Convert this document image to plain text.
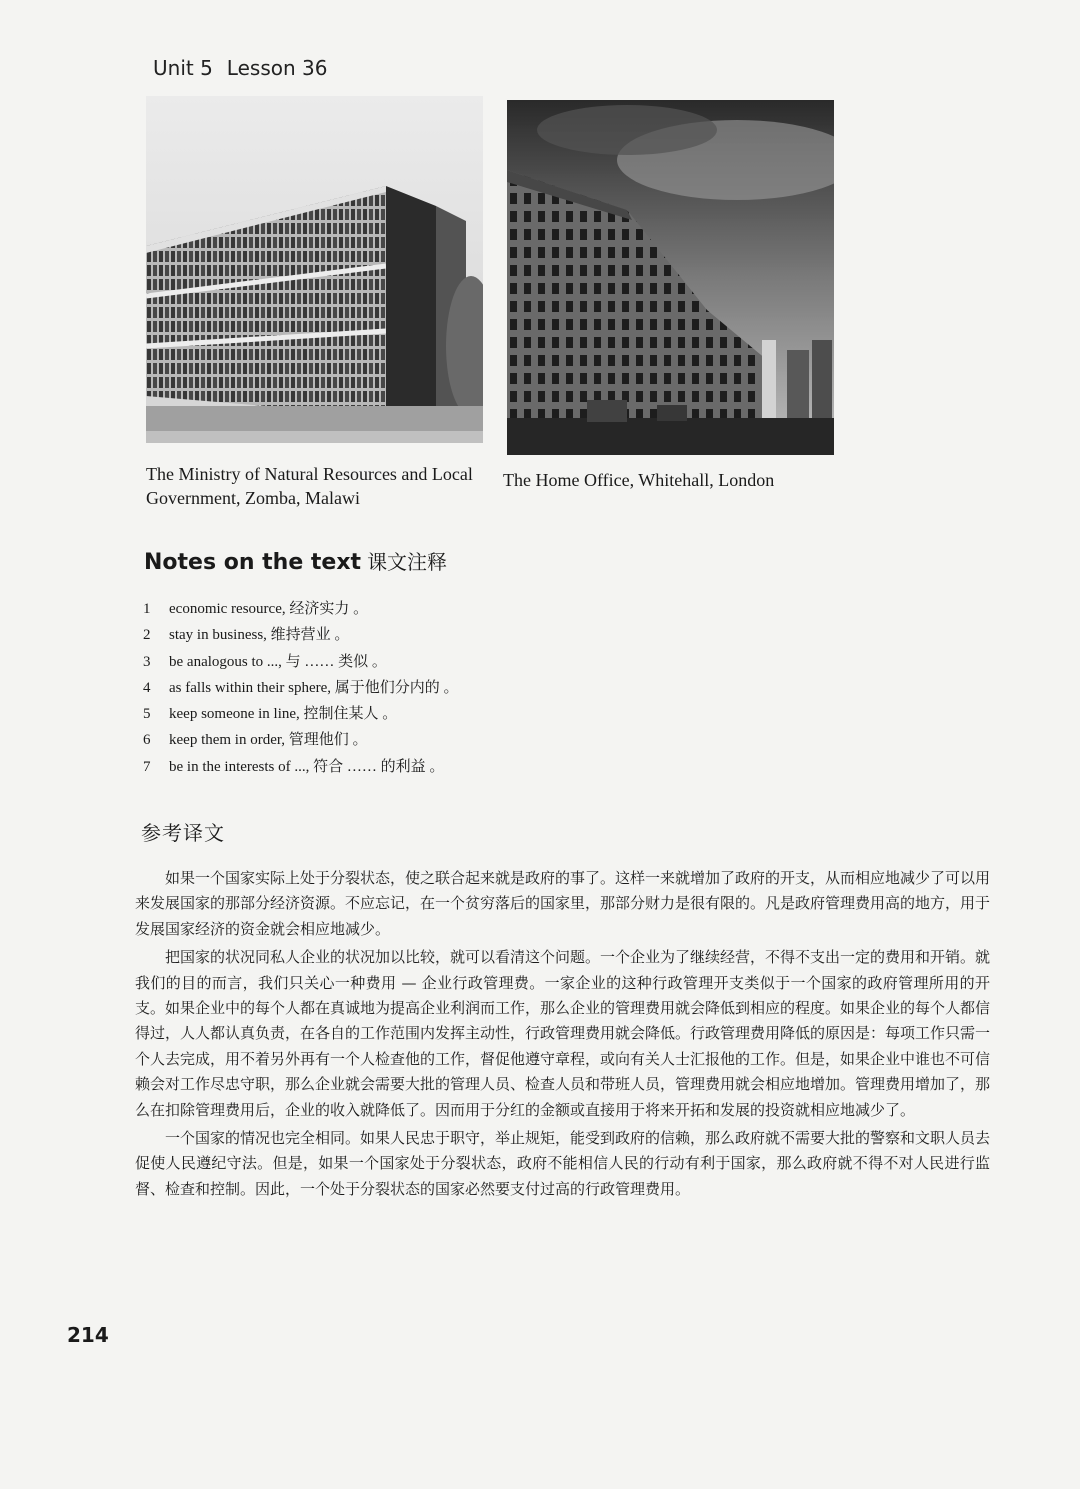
Unit 5 Lesson 36
The Ministry of Natural Resources and Local Government, Zomba, Malawi
The Home Office, Whitehall, London
Notes on the text 课文注释
1	economic resource, 经济实力 。
2	stay in business, 维持营业 。
3	be analogous to ..., 与 …… 类似 。
4	as falls within their sphere, 属于他们分内的 。
5	keep someone in line, 控制住某人 。
6	keep them in order, 管理他们 。
7	be in the interests of ..., 符合 …… 的利益 。
参考译文

如果一个国家实际上处于分裂状态，使之联合起来就是政府的事了。这样一来就增加了政府的开支，从而相应地减少了可以用来发展国家的那部分经济资源。不应忘记，在一个贫穷落后的国家里，那部分财力是很有限的。凡是政府管理费用高的地方，用于发展国家经济的资金就会相应地减少。

把国家的状况同私人企业的状况加以比较，就可以看清这个问题。一个企业为了继续经营，不得不支出一定的费用和开销。就我们的目的而言，我们只关心一种费用 — 企业行政管理费。一家企业的这种行政管理开支类似于一个国家的政府管理所用的开支。如果企业中的每个人都在真诚地为提高企业利润而工作，那么企业的管理费用就会降低到相应的程度。如果企业的每个人都信得过，人人都认真负责，在各自的工作范围内发挥主动性，行政管理费用就会降低。行政管理费用降低的原因是：每项工作只需一个人去完成，用不着另外再有一个人检查他的工作，督促他遵守章程，或向有关人士汇报他的工作。但是，如果企业中谁也不可信赖会对工作尽忠守职，那么企业就会需要大批的管理人员、检查人员和带班人员，管理费用就会相应地增加。管理费用增加了，那么在扣除管理费用后，企业的收入就降低了。因而用于分红的金额或直接用于将来开拓和发展的投资就相应地减少了。

一个国家的情况也完全相同。如果人民忠于职守，举止规矩，能受到政府的信赖，那么政府就不需要大批的警察和文职人员去促使人民遵纪守法。但是，如果一个国家处于分裂状态，政府不能相信人民的行动有利于国家，那么政府就不得不对人民进行监督、检查和控制。因此，一个处于分裂状态的国家必然要支付过高的行政管理费用。

214
